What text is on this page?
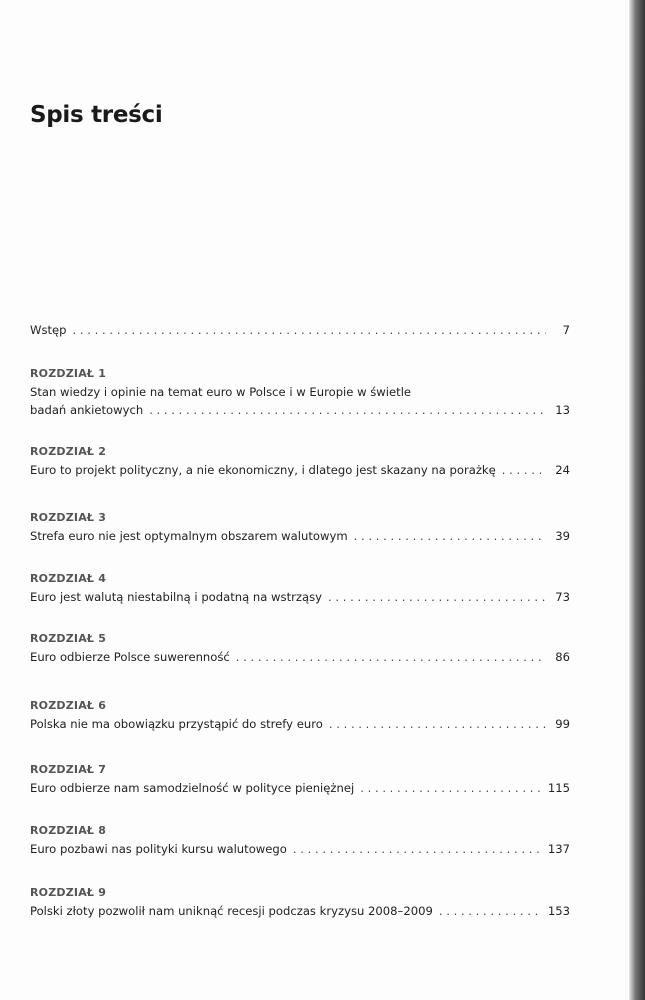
Spis treści
Wstęp . . .	7
ROZDZIAŁ 1
Stan wiedzy i opinie na temat euro w Polsce i w Europie w świetle
badań ankietowych . . .	13
ROZDZIAŁ 2
Euro to projekt polityczny, a nie ekonomiczny, i dlatego jest skazany na porażkę . . .	24
ROZDZIAŁ 3
Strefa euro nie jest optymalnym obszarem walutowym . . .	39
ROZDZIAŁ 4
Euro jest walutą niestabilną i podatną na wstrząsy . . .	73
ROZDZIAŁ 5
Euro odbierze Polsce suwerenność . . .	86
ROZDZIAŁ 6
Polska nie ma obowiązku przystąpić do strefy euro . . .	99
ROZDZIAŁ 7
Euro odbierze nam samodzielność w polityce pieniężnej . . .	115
ROZDZIAŁ 8
Euro pozbawi nas polityki kursu walutowego . . .	137
ROZDZIAŁ 9
Polski złoty pozwolił nam uniknąć recesji podczas kryzysu 2008–2009 . . .	153
